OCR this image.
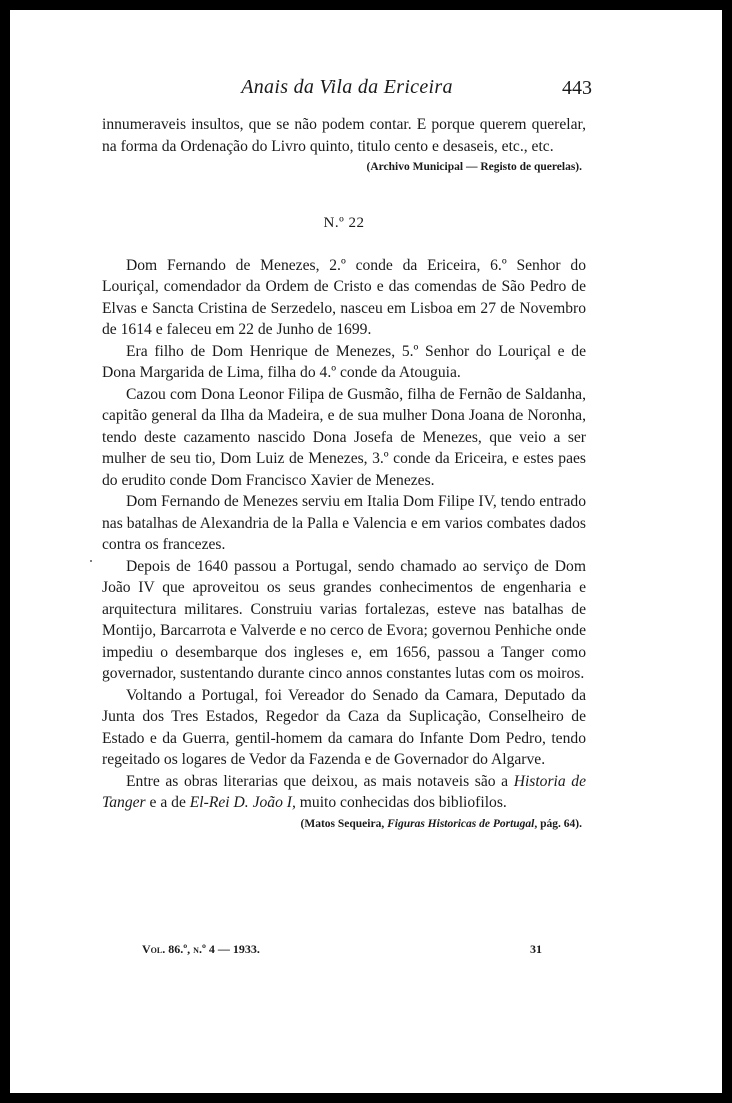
Anais da Vila da Ericeira	443

innumeraveis insultos, que se não podem contar. E porque querem querelar, na forma da Ordenação do Livro quinto, titulo cento e desaseis, etc., etc.

(Archivo Municipal — Registo de querelas).
N.º 22

Dom Fernando de Menezes, 2.º conde da Ericeira, 6.º Senhor do Louriçal, comendador da Ordem de Cristo e das comendas de São Pedro de Elvas e Sancta Cristina de Serzedelo, nasceu em Lisboa em 27 de Novembro de 1614 e faleceu em 22 de Junho de 1699.

Era filho de Dom Henrique de Menezes, 5.º Senhor do Louriçal e de Dona Margarida de Lima, filha do 4.º conde da Atouguia.

Cazou com Dona Leonor Filipa de Gusmão, filha de Fernão de Saldanha, capitão general da Ilha da Madeira, e de sua mulher Dona Joana de Noronha, tendo deste cazamento nascido Dona Josefa de Menezes, que veio a ser mulher de seu tio, Dom Luiz de Menezes, 3.º conde da Ericeira, e estes paes do erudito conde Dom Francisco Xavier de Menezes.

Dom Fernando de Menezes serviu em Italia Dom Filipe IV, tendo entrado nas batalhas de Alexandria de la Palla e Valencia e em varios combates dados contra os francezes.

Depois de 1640 passou a Portugal, sendo chamado ao serviço de Dom João IV que aproveitou os seus grandes conhecimentos de engenharia e arquitectura militares. Construiu varias fortalezas, esteve nas batalhas de Montijo, Barcarrota e Valverde e no cerco de Evora; governou Penhiche onde impediu o desembarque dos ingleses e, em 1656, passou a Tanger como governador, sustentando durante cinco annos constantes lutas com os moiros.

Voltando a Portugal, foi Vereador do Senado da Camara, Deputado da Junta dos Tres Estados, Regedor da Caza da Suplicação, Conselheiro de Estado e da Guerra, gentil-homem da camara do Infante Dom Pedro, tendo regeitado os logares de Vedor da Fazenda e de Governador do Algarve.

Entre as obras literarias que deixou, as mais notaveis são a Historia de Tanger e a de El-Rei D. João I, muito conhecidas dos bibliofilos.

(Matos Sequeira, Figuras Historicas de Portugal, pág. 64).
Vol. 86.º, n.º 4 — 1933.	31
